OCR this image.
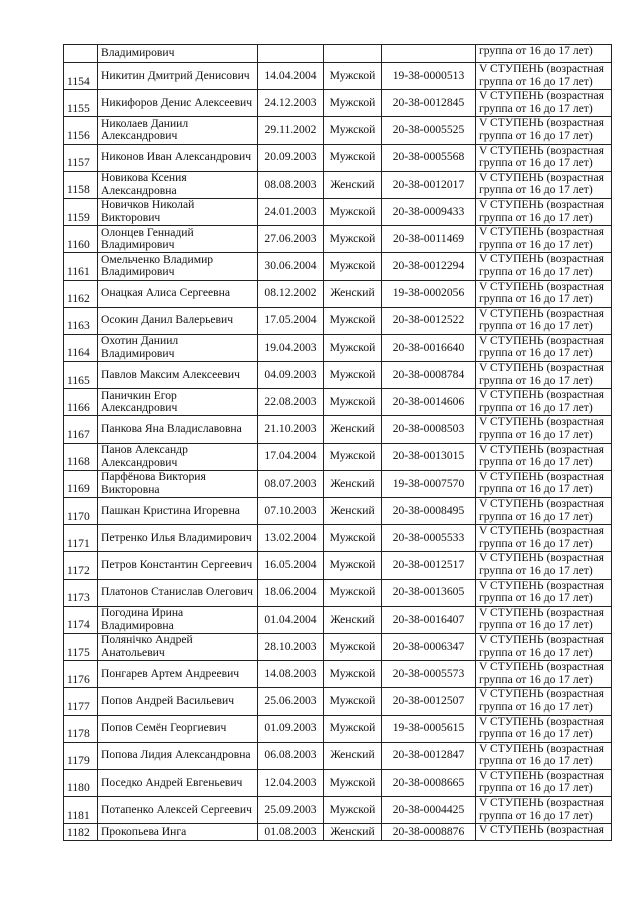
	Владимирович				группа от 16 до 17 лет)

1154	Никитин Дмитрий Денисович	14.04.2004	Мужской	19-38-0000513	V СТУПЕНЬ (возрастная
группа от 16 до 17 лет)

1155	Никифоров Денис Алексеевич	24.12.2003	Мужской	20-38-0012845	V СТУПЕНЬ (возрастная
группа от 16 до 17 лет)

1156	Николаев Даниил Александрович	29.11.2002	Мужской	20-38-0005525	V СТУПЕНЬ (возрастная
группа от 16 до 17 лет)

1157	Никонов Иван Александрович	20.09.2003	Мужской	20-38-0005568	V СТУПЕНЬ (возрастная
группа от 16 до 17 лет)

1158	Новикова Ксения Александровна	08.08.2003	Женский	20-38-0012017	V СТУПЕНЬ (возрастная
группа от 16 до 17 лет)

1159	Новичков Николай Викторович	24.01.2003	Мужской	20-38-0009433	V СТУПЕНЬ (возрастная
группа от 16 до 17 лет)

1160	Олонцев Геннадий Владимирович	27.06.2003	Мужской	20-38-0011469	V СТУПЕНЬ (возрастная
группа от 16 до 17 лет)

1161	Омельченко Владимир Владимирович	30.06.2004	Мужской	20-38-0012294	V СТУПЕНЬ (возрастная
группа от 16 до 17 лет)

1162	Онацкая Алиса Сергеевна	08.12.2002	Женский	19-38-0002056	V СТУПЕНЬ (возрастная
группа от 16 до 17 лет)

1163	Осокин Данил Валерьевич	17.05.2004	Мужской	20-38-0012522	V СТУПЕНЬ (возрастная
группа от 16 до 17 лет)

1164	Охотин Даниил Владимирович	19.04.2003	Мужской	20-38-0016640	V СТУПЕНЬ (возрастная
группа от 16 до 17 лет)

1165	Павлов Максим Алексеевич	04.09.2003	Мужской	20-38-0008784	V СТУПЕНЬ (возрастная
группа от 16 до 17 лет)

1166	Паничкин Егор Александрович	22.08.2003	Мужской	20-38-0014606	V СТУПЕНЬ (возрастная
группа от 16 до 17 лет)

1167	Панкова Яна Владиславовна	21.10.2003	Женский	20-38-0008503	V СТУПЕНЬ (возрастная
группа от 16 до 17 лет)

1168	Панов Александр Александрович	17.04.2004	Мужской	20-38-0013015	V СТУПЕНЬ (возрастная
группа от 16 до 17 лет)

1169	Парфёнова Виктория Викторовна	08.07.2003	Женский	19-38-0007570	V СТУПЕНЬ (возрастная
группа от 16 до 17 лет)

1170	Пашкан Кристина Игоревна	07.10.2003	Женский	20-38-0008495	V СТУПЕНЬ (возрастная
группа от 16 до 17 лет)

1171	Петренко Илья Владимирович	13.02.2004	Мужской	20-38-0005533	V СТУПЕНЬ (возрастная
группа от 16 до 17 лет)

1172	Петров Константин Сергеевич	16.05.2004	Мужской	20-38-0012517	V СТУПЕНЬ (возрастная
группа от 16 до 17 лет)

1173	Платонов Станислав Олегович	18.06.2004	Мужской	20-38-0013605	V СТУПЕНЬ (возрастная
группа от 16 до 17 лет)

1174	Погодина Ирина Владимировна	01.04.2004	Женский	20-38-0016407	V СТУПЕНЬ (возрастная
группа от 16 до 17 лет)

1175	Полянічко Андрей Анатольевич	28.10.2003	Мужской	20-38-0006347	V СТУПЕНЬ (возрастная
группа от 16 до 17 лет)

1176	Понгарев Артем Андреевич	14.08.2003	Мужской	20-38-0005573	V СТУПЕНЬ (возрастная
группа от 16 до 17 лет)

1177	Попов Андрей Васильевич	25.06.2003	Мужской	20-38-0012507	V СТУПЕНЬ (возрастная
группа от 16 до 17 лет)

1178	Попов Семён Георгиевич	01.09.2003	Мужской	19-38-0005615	V СТУПЕНЬ (возрастная
группа от 16 до 17 лет)

1179	Попова Лидия Александровна	06.08.2003	Женский	20-38-0012847	V СТУПЕНЬ (возрастная
группа от 16 до 17 лет)

1180	Поседко Андрей Евгеньевич	12.04.2003	Мужской	20-38-0008665	V СТУПЕНЬ (возрастная
группа от 16 до 17 лет)

1181	Потапенко Алексей Сергеевич	25.09.2003	Мужской	20-38-0004425	V СТУПЕНЬ (возрастная
группа от 16 до 17 лет)

1182	Прокопьева Инга	01.08.2003	Женский	20-38-0008876	V СТУПЕНЬ (возрастная
